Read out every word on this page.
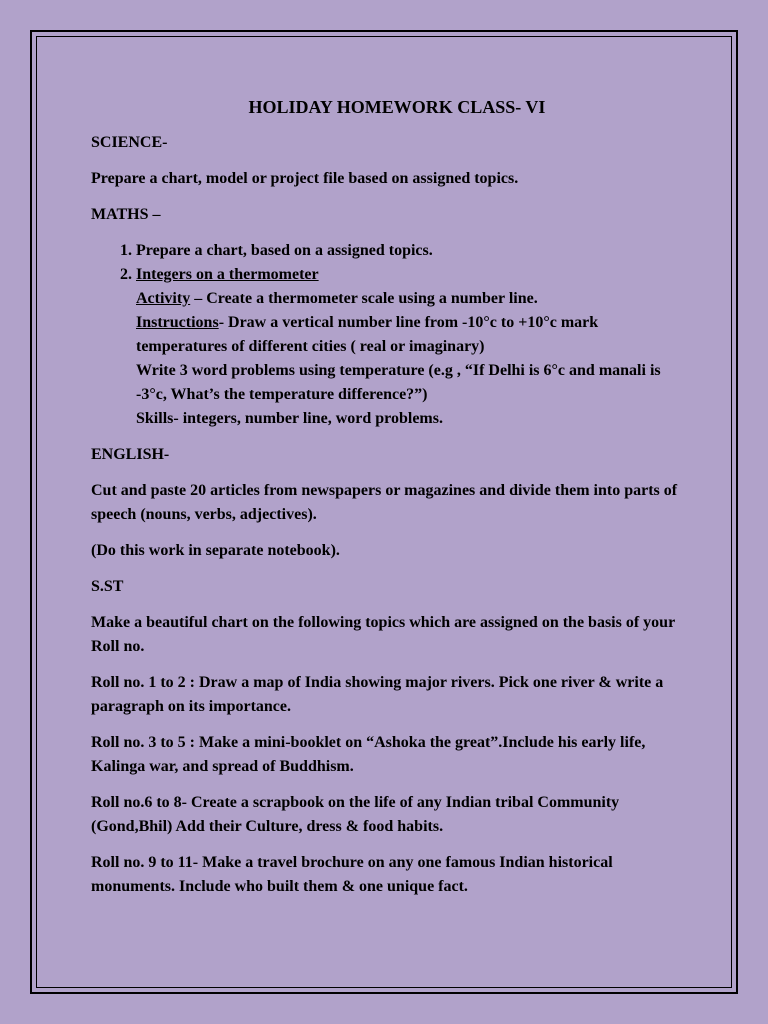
HOLIDAY HOMEWORK CLASS- VI

SCIENCE-

Prepare a chart, model or project file based on assigned topics.

MATHS –

1. Prepare a chart, based on a assigned topics.
2. Integers on a thermometer
Activity – Create a thermometer scale using a number line.
Instructions- Draw a vertical number line from -10°c to +10°c mark temperatures of different cities ( real or imaginary)
Write 3 word problems using temperature (e.g , “If Delhi is 6°c and manali is -3°c, What’s the temperature difference?”)
Skills- integers, number line, word problems.

ENGLISH-

Cut and paste 20 articles from newspapers or magazines and divide them into parts of speech (nouns, verbs, adjectives).

(Do this work in separate notebook).

S.ST

Make a beautiful chart on the following topics which are assigned on the basis of your Roll no.

Roll no. 1 to 2 : Draw a map of India showing major rivers. Pick one river & write a paragraph on its importance.

Roll no. 3 to 5 : Make a mini-booklet on “Ashoka the great”.Include his early life, Kalinga war, and spread of Buddhism.

Roll no.6 to 8- Create a scrapbook on the life of any Indian tribal Community (Gond,Bhil) Add their Culture, dress & food habits.

Roll no. 9 to 11- Make a travel brochure on any one famous Indian historical monuments. Include who built them & one unique fact.
